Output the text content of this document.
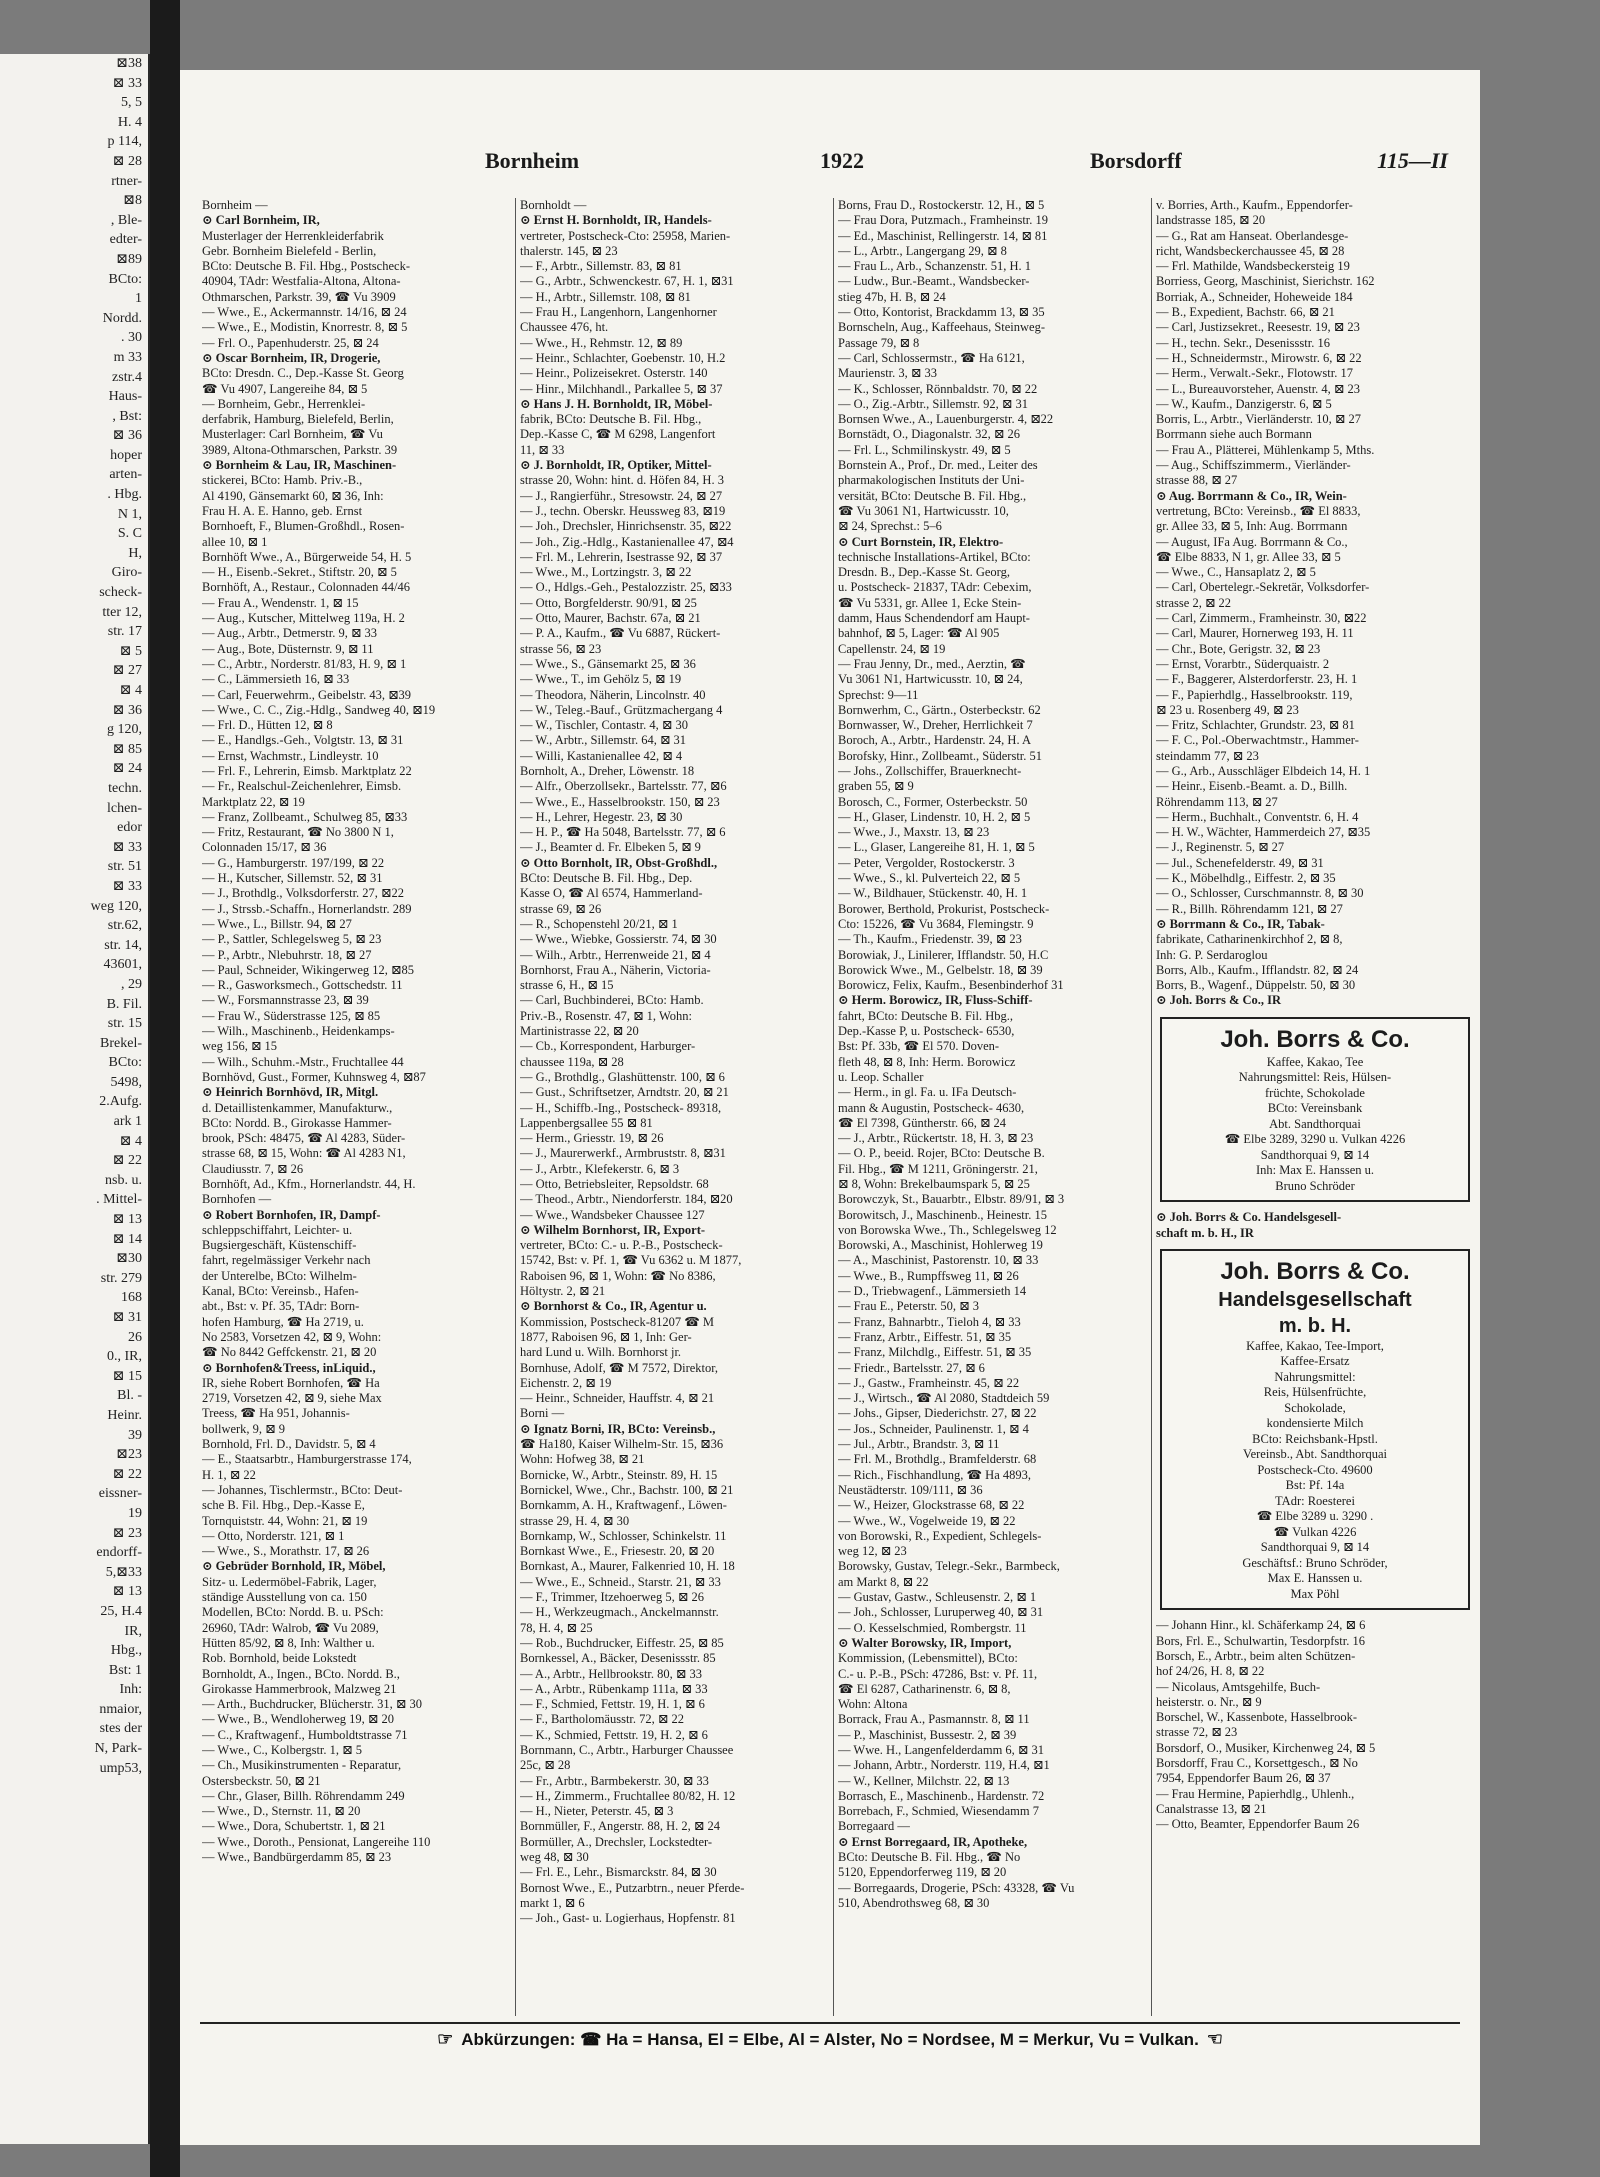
⊠38
⊠ 33
5, 5
H. 4
p 114,
⊠ 28
rtner-
⊠8
, Ble-
edter-
⊠89
BCto:
1
Nordd.
. 30
m 33
zstr.4
Haus-
, Bst:
⊠ 36
hoper
arten-
. Hbg.
N 1,
S. C
H,
Giro-
scheck-
tter 12,
str. 17
⊠ 5
⊠ 27
⊠ 4
⊠ 36
g 120,
⊠ 85
⊠ 24
techn.
lchen-
edor
⊠ 33
str. 51
⊠ 33
weg 120,
str.62,
str. 14,
43601,
, 29
B. Fil.
str. 15
Brekel-
BCto:
5498,
2.Aufg.
ark 1
⊠ 4
⊠ 22
nsb. u.
. Mittel-
⊠ 13
⊠ 14
⊠30
str. 279
168
⊠ 31
26
0., IR,
⊠ 15
Bl. -
Heinr.
39
⊠23
⊠ 22
eissner-
19
⊠ 23
endorff-
5,⊠33
⊠ 13
25, H.4
IR,
Hbg.,
Bst: 1
Inh:
nmaior,
stes der
N, Park-
ump53,
Bornheim	1922	Borsdorff	115—II
Bornheim —
⊙ Carl Bornheim, IR,
Musterlager der Herrenkleiderfabrik
Gebr. Bornheim Bielefeld - Berlin,
BCto: Deutsche B. Fil. Hbg., Postscheck-
40904, TAdr: Westfalia-Altona, Altona-
Othmarschen, Parkstr. 39, ☎ Vu 3909
— Wwe., E., Ackermannstr. 14/16, ⊠ 24
— Wwe., E., Modistin, Knorrestr. 8, ⊠ 5
— Frl. O., Papenhuderstr. 25, ⊠ 24
⊙ Oscar Bornheim, IR, Drogerie,
BCto: Dresdn. C., Dep.-Kasse St. Georg
☎ Vu 4907, Langereihe 84, ⊠ 5
— Bornheim, Gebr., Herrenklei-
derfabrik, Hamburg, Bielefeld, Berlin,
Musterlager: Carl Bornheim, ☎ Vu
3989, Altona-Othmarschen, Parkstr. 39
⊙ Bornheim & Lau, IR, Maschinen-
stickerei, BCto: Hamb. Priv.-B.,
Al 4190, Gänsemarkt 60, ⊠ 36, Inh:
Frau H. A. E. Hanno, geb. Ernst
Bornhoeft, F., Blumen-Großhdl., Rosen-
allee 10, ⊠ 1
Bornhöft Wwe., A., Bürgerweide 54, H. 5
— H., Eisenb.-Sekret., Stiftstr. 20, ⊠ 5
Bornhöft, A., Restaur., Colonnaden 44/46
— Frau A., Wendenstr. 1, ⊠ 15
— Aug., Kutscher, Mittelweg 119a, H. 2
— Aug., Arbtr., Detmerstr. 9, ⊠ 33
— Aug., Bote, Düsternstr. 9, ⊠ 11
— C., Arbtr., Norderstr. 81/83, H. 9, ⊠ 1
— C., Lämmersieth 16, ⊠ 33
— Carl, Feuerwehrm., Geibelstr. 43, ⊠39
— Wwe., C. C., Zig.-Hdlg., Sandweg 40, ⊠19
— Frl. D., Hütten 12, ⊠ 8
— E., Handlgs.-Geh., Volgtstr. 13, ⊠ 31
— Ernst, Wachmstr., Lindleystr. 10
— Frl. F., Lehrerin, Eimsb. Marktplatz 22
— Fr., Realschul-Zeichenlehrer, Eimsb.
Marktplatz 22, ⊠ 19
— Franz, Zollbeamt., Schulweg 85, ⊠33
— Fritz, Restaurant, ☎ No 3800 N 1,
Colonnaden 15/17, ⊠ 36
— G., Hamburgerstr. 197/199, ⊠ 22
— H., Kutscher, Sillemstr. 52, ⊠ 31
— J., Brothdlg., Volksdorferstr. 27, ⊠22
— J., Strssb.-Schaffn., Hornerlandstr. 289
— Wwe., L., Billstr. 94, ⊠ 27
— P., Sattler, Schlegelsweg 5, ⊠ 23
— P., Arbtr., Nlebuhrstr. 18, ⊠ 27
— Paul, Schneider, Wikingerweg 12, ⊠85
— R., Gasworksmech., Gottschedstr. 11
— W., Forsmannstrasse 23, ⊠ 39
— Frau W., Süderstrasse 125, ⊠ 85
— Wilh., Maschinenb., Heidenkamps-
weg 156, ⊠ 15
— Wilh., Schuhm.-Mstr., Fruchtallee 44
Bornhövd, Gust., Former, Kuhnsweg 4, ⊠87
⊙ Heinrich Bornhövd, IR, Mitgl.
d. Detaillistenkammer, Manufakturw.,
BCto: Nordd. B., Girokasse Hammer-
brook, PSch: 48475, ☎ Al 4283, Süder-
strasse 68, ⊠ 15, Wohn: ☎ Al 4283 N1,
Claudiusstr. 7, ⊠ 26
Bornhöft, Ad., Kfm., Hornerlandstr. 44, H.
Bornhofen —
⊙ Robert Bornhofen, IR, Dampf-
schleppschiffahrt, Leichter- u.
Bugsiergeschäft, Küstenschiff-
fahrt, regelmässiger Verkehr nach
der Unterelbe, BCto: Wilhelm-
Kanal, BCto: Vereinsb., Hafen-
abt., Bst: v. Pf. 35, TAdr: Born-
hofen Hamburg, ☎ Ha 2719, u.
No 2583, Vorsetzen 42, ⊠ 9, Wohn:
☎ No 8442 Geffckenstr. 21, ⊠ 20
⊙ Bornhofen&Treess, inLiquid.,
IR, siehe Robert Bornhofen, ☎ Ha
2719, Vorsetzen 42, ⊠ 9, siehe Max
Treess, ☎ Ha 951, Johannis-
bollwerk, 9, ⊠ 9
Bornhold, Frl. D., Davidstr. 5, ⊠ 4
— E., Staatsarbtr., Hamburgerstrasse 174,
H. 1, ⊠ 22
— Johannes, Tischlermstr., BCto: Deut-
sche B. Fil. Hbg., Dep.-Kasse E,
Tornquiststr. 44, Wohn: 21, ⊠ 19
— Otto, Norderstr. 121, ⊠ 1
— Wwe., S., Morathstr. 17, ⊠ 26
⊙ Gebrüder Bornhold, IR, Möbel,
Sitz- u. Ledermöbel-Fabrik, Lager,
ständige Ausstellung von ca. 150
Modellen, BCto: Nordd. B. u. PSch:
26960, TAdr: Walrob, ☎ Vu 2089,
Hütten 85/92, ⊠ 8, Inh: Walther u.
Rob. Bornhold, beide Lokstedt
Bornholdt, A., Ingen., BCto. Nordd. B.,
Girokasse Hammerbrook, Malzweg 21
— Arth., Buchdrucker, Blücherstr. 31, ⊠ 30
— Wwe., B., Wendloherweg 19, ⊠ 20
— C., Kraftwagenf., Humboldtstrasse 71
— Wwe., C., Kolbergstr. 1, ⊠ 5
— Ch., Musikinstrumenten - Reparatur,
Ostersbeckstr. 50, ⊠ 21
— Chr., Glaser, Billh. Röhrendamm 249
— Wwe., D., Sternstr. 11, ⊠ 20
— Wwe., Dora, Schubertstr. 1, ⊠ 21
— Wwe., Doroth., Pensionat, Langereihe 110
— Wwe., Bandbürgerdamm 85, ⊠ 23
Bornholdt —
⊙ Ernst H. Bornholdt, IR, Handels-
vertreter, Postscheck-Cto: 25958, Marien-
thalerstr. 145, ⊠ 23
— F., Arbtr., Sillemstr. 83, ⊠ 81
— G., Arbtr., Schwenckestr. 67, H. 1, ⊠31
— H., Arbtr., Sillemstr. 108, ⊠ 81
— Frau H., Langenhorn, Langenhorner
Chaussee 476, ht.
— Wwe., H., Rehmstr. 12, ⊠ 89
— Heinr., Schlachter, Goebenstr. 10, H.2
— Heinr., Polizeisekret. Osterstr. 140
— Hinr., Milchhandl., Parkallee 5, ⊠ 37
⊙ Hans J. H. Bornholdt, IR, Möbel-
fabrik, BCto: Deutsche B. Fil. Hbg.,
Dep.-Kasse C, ☎ M 6298, Langenfort
11, ⊠ 33
⊙ J. Bornholdt, IR, Optiker, Mittel-
strasse 20, Wohn: hint. d. Höfen 84, H. 3
— J., Rangierführ., Stresowstr. 24, ⊠ 27
— J., techn. Oberskr. Heussweg 83, ⊠19
— Joh., Drechsler, Hinrichsenstr. 35, ⊠22
— Joh., Zig.-Hdlg., Kastanienallee 47, ⊠4
— Frl. M., Lehrerin, Isestrasse 92, ⊠ 37
— Wwe., M., Lortzingstr. 3, ⊠ 22
— O., Hdlgs.-Geh., Pestalozzistr. 25, ⊠33
— Otto, Borgfelderstr. 90/91, ⊠ 25
— Otto, Maurer, Bachstr. 67a, ⊠ 21
— P. A., Kaufm., ☎ Vu 6887, Rückert-
strasse 56, ⊠ 23
— Wwe., S., Gänsemarkt 25, ⊠ 36
— Wwe., T., im Gehölz 5, ⊠ 19
— Theodora, Näherin, Lincolnstr. 40
— W., Teleg.-Bauf., Grützmachergang 4
— W., Tischler, Contastr. 4, ⊠ 30
— W., Arbtr., Sillemstr. 64, ⊠ 31
— Willi, Kastanienallee 42, ⊠ 4
Bornholt, A., Dreher, Löwenstr. 18
— Alfr., Oberzollsekr., Bartelsstr. 77, ⊠6
— Wwe., E., Hasselbrookstr. 150, ⊠ 23
— H., Lehrer, Hegestr. 23, ⊠ 30
— H. P., ☎ Ha 5048, Bartelsstr. 77, ⊠ 6
— J., Beamter d. Fr. Elbeken 5, ⊠ 9
⊙ Otto Bornholt, IR, Obst-Großhdl.,
BCto: Deutsche B. Fil. Hbg., Dep.
Kasse O, ☎ Al 6574, Hammerland-
strasse 69, ⊠ 26
— R., Schopenstehl 20/21, ⊠ 1
— Wwe., Wiebke, Gossierstr. 74, ⊠ 30
— Wilh., Arbtr., Herrenweide 21, ⊠ 4
Bornhorst, Frau A., Näherin, Victoria-
strasse 6, H., ⊠ 15
— Carl, Buchbinderei, BCto: Hamb.
Priv.-B., Rosenstr. 47, ⊠ 1, Wohn:
Martinistrasse 22, ⊠ 20
— Cb., Korrespondent, Harburger-
chaussee 119a, ⊠ 28
— G., Brothdlg., Glashüttenstr. 100, ⊠ 6
— Gust., Schriftsetzer, Arndtstr. 20, ⊠ 21
— H., Schiffb.-Ing., Postscheck- 89318,
Lappenbergsallee 55 ⊠ 81
— Herm., Griesstr. 19, ⊠ 26
— J., Maurerwerkf., Armbruststr. 8, ⊠31
— J., Arbtr., Klefekerstr. 6, ⊠ 3
— Otto, Betriebsleiter, Repsoldstr. 68
— Theod., Arbtr., Niendorferstr. 184, ⊠20
— Wwe., Wandsbeker Chaussee 127
⊙ Wilhelm Bornhorst, IR, Export-
vertreter, BCto: C.- u. P.-B., Postscheck-
15742, Bst: v. Pf. 1, ☎ Vu 6362 u. M 1877,
Raboisen 96, ⊠ 1, Wohn: ☎ No 8386,
Höltystr. 2, ⊠ 21
⊙ Bornhorst & Co., IR, Agentur u.
Kommission, Postscheck-81207 ☎ M
1877, Raboisen 96, ⊠ 1, Inh: Ger-
hard Lund u. Wilh. Bornhorst jr.
Bornhuse, Adolf, ☎ M 7572, Direktor,
Eichenstr. 2, ⊠ 19
— Heinr., Schneider, Hauffstr. 4, ⊠ 21
Borni —
⊙ Ignatz Borni, IR, BCto: Vereinsb.,
☎ Ha180, Kaiser Wilhelm-Str. 15, ⊠36
Wohn: Hofweg 38, ⊠ 21
Bornicke, W., Arbtr., Steinstr. 89, H. 15
Bornickel, Wwe., Chr., Bachstr. 100, ⊠ 21
Bornkamm, A. H., Kraftwagenf., Löwen-
strasse 29, H. 4, ⊠ 30
Bornkamp, W., Schlosser, Schinkelstr. 11
Bornkast Wwe., E., Friesestr. 20, ⊠ 20
Bornkast, A., Maurer, Falkenried 10, H. 18
— Wwe., E., Schneid., Starstr. 21, ⊠ 33
— F., Trimmer, Itzehoerweg 5, ⊠ 26
— H., Werkzeugmach., Anckelmannstr.
78, H. 4, ⊠ 25
— Rob., Buchdrucker, Eiffestr. 25, ⊠ 85
Bornkessel, A., Bäcker, Desenissstr. 85
— A., Arbtr., Hellbrookstr. 80, ⊠ 33
— A., Arbtr., Rübenkamp 111a, ⊠ 33
— F., Schmied, Fettstr. 19, H. 1, ⊠ 6
— F., Bartholomäusstr. 72, ⊠ 22
— K., Schmied, Fettstr. 19, H. 2, ⊠ 6
Bornmann, C., Arbtr., Harburger Chaussee
25c, ⊠ 28
— Fr., Arbtr., Barmbekerstr. 30, ⊠ 33
— H., Zimmerm., Fruchtallee 80/82, H. 12
— H., Nieter, Peterstr. 45, ⊠ 3
Bornmüller, F., Angerstr. 88, H. 2, ⊠ 24
Bormüller, A., Drechsler, Lockstedter-
weg 48, ⊠ 30
— Frl. E., Lehr., Bismarckstr. 84, ⊠ 30
Bornost Wwe., E., Putzarbtrn., neuer Pferde-
markt 1, ⊠ 6
— Joh., Gast- u. Logierhaus, Hopfenstr. 81
Borns, Frau D., Rostockerstr. 12, H., ⊠ 5
— Frau Dora, Putzmach., Framheinstr. 19
— Ed., Maschinist, Rellingerstr. 14, ⊠ 81
— L., Arbtr., Langergang 29, ⊠ 8
— Frau L., Arb., Schanzenstr. 51, H. 1
— Ludw., Bur.-Beamt., Wandsbecker-
stieg 47b, H. B, ⊠ 24
— Otto, Kontorist, Brackdamm 13, ⊠ 35
Bornscheln, Aug., Kaffeehaus, Steinweg-
Passage 79, ⊠ 8
— Carl, Schlossermstr., ☎ Ha 6121,
Maurienstr. 3, ⊠ 33
— K., Schlosser, Rönnbaldstr. 70, ⊠ 22
— O., Zig.-Arbtr., Sillemstr. 92, ⊠ 31
Bornsen Wwe., A., Lauenburgerstr. 4, ⊠22
Bornstädt, O., Diagonalstr. 32, ⊠ 26
— Frl. L., Schmilinskystr. 49, ⊠ 5
Bornstein A., Prof., Dr. med., Leiter des
pharmakologischen Instituts der Uni-
versität, BCto: Deutsche B. Fil. Hbg.,
☎ Vu 3061 N1, Hartwicusstr. 10,
⊠ 24, Sprechst.: 5–6
⊙ Curt Bornstein, IR, Elektro-
technische Installations-Artikel, BCto:
Dresdn. B., Dep.-Kasse St. Georg,
u. Postscheck- 21837, TAdr: Cebexim,
☎ Vu 5331, gr. Allee 1, Ecke Stein-
damm, Haus Schendendorf am Haupt-
bahnhof, ⊠ 5, Lager: ☎ Al 905
Capellenstr. 24, ⊠ 19
— Frau Jenny, Dr., med., Aerztin, ☎
Vu 3061 N1, Hartwicusstr. 10, ⊠ 24,
Sprechst: 9—11
Bornwerhm, C., Gärtn., Osterbeckstr. 62
Bornwasser, W., Dreher, Herrlichkeit 7
Boroch, A., Arbtr., Hardenstr. 24, H. A
Borofsky, Hinr., Zollbeamt., Süderstr. 51
— Johs., Zollschiffer, Brauerknecht-
graben 55, ⊠ 9
Borosch, C., Former, Osterbeckstr. 50
— H., Glaser, Lindenstr. 10, H. 2, ⊠ 5
— Wwe., J., Maxstr. 13, ⊠ 23
— L., Glaser, Langereihe 81, H. 1, ⊠ 5
— Peter, Vergolder, Rostockerstr. 3
— Wwe., S., kl. Pulverteich 22, ⊠ 5
— W., Bildhauer, Stückenstr. 40, H. 1
Borower, Berthold, Prokurist, Postscheck-
Cto: 15226, ☎ Vu 3684, Flemingstr. 9
— Th., Kaufm., Friedenstr. 39, ⊠ 23
Borowiak, J., Linilerer, Ifflandstr. 50, H.C
Borowick Wwe., M., Gelbelstr. 18, ⊠ 39
Borowicz, Felix, Kaufm., Besenbinderhof 31
⊙ Herm. Borowicz, IR, Fluss-Schiff-
fahrt, BCto: Deutsche B. Fil. Hbg.,
Dep.-Kasse P, u. Postscheck- 6530,
Bst: Pf. 33b, ☎ El 570. Doven-
fleth 48, ⊠ 8, Inh: Herm. Borowicz
u. Leop. Schaller
— Herm., in gl. Fa. u. IFa Deutsch-
mann & Augustin, Postscheck- 4630,
☎ El 7398, Güntherstr. 66, ⊠ 24
— J., Arbtr., Rückertstr. 18, H. 3, ⊠ 23
— O. P., beeid. Rojer, BCto: Deutsche B.
Fil. Hbg., ☎ M 1211, Gröningerstr. 21,
⊠ 8, Wohn: Brekelbaumspark 5, ⊠ 25
Borowczyk, St., Bauarbtr., Elbstr. 89/91, ⊠ 3
Borowitsch, J., Maschinenb., Heinestr. 15
von Borowska Wwe., Th., Schlegelsweg 12
Borowski, A., Maschinist, Hohlerweg 19
— A., Maschinist, Pastorenstr. 10, ⊠ 33
— Wwe., B., Rumpffsweg 11, ⊠ 26
— D., Triebwagenf., Lämmersieth 14
— Frau E., Peterstr. 50, ⊠ 3
— Franz, Bahnarbtr., Tieloh 4, ⊠ 33
— Franz, Arbtr., Eiffestr. 51, ⊠ 35
— Franz, Milchdlg., Eiffestr. 51, ⊠ 35
— Friedr., Bartelsstr. 27, ⊠ 6
— J., Gastw., Framheinstr. 45, ⊠ 22
— J., Wirtsch., ☎ Al 2080, Stadtdeich 59
— Johs., Gipser, Diederichstr. 27, ⊠ 22
— Jos., Schneider, Paulinenstr. 1, ⊠ 4
— Jul., Arbtr., Brandstr. 3, ⊠ 11
— Frl. M., Brothdlg., Bramfelderstr. 68
— Rich., Fischhandlung, ☎ Ha 4893,
Neustädterstr. 109/111, ⊠ 36
— W., Heizer, Glockstrasse 68, ⊠ 22
— Wwe., W., Vogelweide 19, ⊠ 22
von Borowski, R., Expedient, Schlegels-
weg 12, ⊠ 23
Borowsky, Gustav, Telegr.-Sekr., Barmbeck,
am Markt 8, ⊠ 22
— Gustav, Gastw., Schleusenstr. 2, ⊠ 1
— Joh., Schlosser, Luruperweg 40, ⊠ 31
— O. Kesselschmied, Rombergstr. 11
⊙ Walter Borowsky, IR, Import,
Kommission, (Lebensmittel), BCto:
C.- u. P.-B., PSch: 47286, Bst: v. Pf. 11,
☎ El 6287, Catharinenstr. 6, ⊠ 8,
Wohn: Altona
Borrack, Frau A., Pasmannstr. 8, ⊠ 11
— P., Maschinist, Bussestr. 2, ⊠ 39
— Wwe. H., Langenfelderdamm 6, ⊠ 31
— Johann, Arbtr., Norderstr. 119, H.4, ⊠1
— W., Kellner, Milchstr. 22, ⊠ 13
Borrasch, E., Maschinenb., Hardenstr. 72
Borrebach, F., Schmied, Wiesendamm 7
Borregaard —
⊙ Ernst Borregaard, IR, Apotheke,
BCto: Deutsche B. Fil. Hbg., ☎ No
5120, Eppendorferweg 119, ⊠ 20
— Borregaards, Drogerie, PSch: 43328, ☎ Vu
510, Abendrothsweg 68, ⊠ 30
v. Borries, Arth., Kaufm., Eppendorfer-
landstrasse 185, ⊠ 20
— G., Rat am Hanseat. Oberlandesge-
richt, Wandsbeckerchaussee 45, ⊠ 28
— Frl. Mathilde, Wandsbeckersteig 19
Borriess, Georg, Maschinist, Sierichstr. 162
Borriak, A., Schneider, Hoheweide 184
— B., Expedient, Bachstr. 66, ⊠ 21
— Carl, Justizsekret., Reesestr. 19, ⊠ 23
— H., techn. Sekr., Desenissstr. 16
— H., Schneidermstr., Mirowstr. 6, ⊠ 22
— Herm., Verwalt.-Sekr., Flotowstr. 17
— L., Bureauvorsteher, Auenstr. 4, ⊠ 23
— W., Kaufm., Danzigerstr. 6, ⊠ 5
Borris, L., Arbtr., Vierländerstr. 10, ⊠ 27
Borrmann siehe auch Bormann
— Frau A., Plätterei, Mühlenkamp 5, Mths.
— Aug., Schiffszimmerm., Vierländer-
strasse 88, ⊠ 27
⊙ Aug. Borrmann & Co., IR, Wein-
vertretung, BCto: Vereinsb., ☎ El 8833,
gr. Allee 33, ⊠ 5, Inh: Aug. Borrmann
— August, IFa Aug. Borrmann & Co.,
☎ Elbe 8833, N 1, gr. Allee 33, ⊠ 5
— Wwe., C., Hansaplatz 2, ⊠ 5
— Carl, Obertelegr.-Sekretär, Volksdorfer-
strasse 2, ⊠ 22
— Carl, Zimmerm., Framheinstr. 30, ⊠22
— Carl, Maurer, Hornerweg 193, H. 11
— Chr., Bote, Gerigstr. 32, ⊠ 23
— Ernst, Vorarbtr., Süderquaistr. 2
— F., Baggerer, Alsterdorferstr. 23, H. 1
— F., Papierhdlg., Hasselbrookstr. 119,
⊠ 23 u. Rosenberg 49, ⊠ 23
— Fritz, Schlachter, Grundstr. 23, ⊠ 81
— F. C., Pol.-Oberwachtmstr., Hammer-
steindamm 77, ⊠ 23
— G., Arb., Ausschläger Elbdeich 14, H. 1
— Heinr., Eisenb.-Beamt. a. D., Billh.
Röhrendamm 113, ⊠ 27
— Herm., Buchhalt., Conventstr. 6, H. 4
— H. W., Wächter, Hammerdeich 27, ⊠35
— J., Reginenstr. 5, ⊠ 27
— Jul., Schenefelderstr. 49, ⊠ 31
— K., Möbelhdlg., Eiffestr. 2, ⊠ 35
— O., Schlosser, Curschmannstr. 8, ⊠ 30
— R., Billh. Röhrendamm 121, ⊠ 27
⊙ Borrmann & Co., IR, Tabak-
fabrikate, Catharinenkirchhof 2, ⊠ 8,
Inh: G. P. Serdaroglou
Borrs, Alb., Kaufm., Ifflandstr. 82, ⊠ 24
Borrs, B., Wagenf., Düppelstr. 50, ⊠ 30
⊙ Joh. Borrs & Co., IR
Joh. Borrs & Co.
Kaffee, Kakao, Tee
Nahrungsmittel: Reis, Hülsen-
früchte, Schokolade
BCto: Vereinsbank
Abt. Sandthorquai
☎ Elbe 3289, 3290 u. Vulkan 4226
Sandthorquai 9, ⊠ 14
Inh: Max E. Hanssen u.
Bruno Schröder
⊙ Joh. Borrs & Co. Handelsgesell-
schaft m. b. H., IR
Joh. Borrs & Co.
Handelsgesellschaft
m. b. H.
Kaffee, Kakao, Tee-Import,
Kaffee-Ersatz
Nahrungsmittel:
Reis, Hülsenfrüchte,
Schokolade,
kondensierte Milch
BCto: Reichsbank-Hpstl.
Vereinsb., Abt. Sandthorquai
Postscheck-Cto. 49600
Bst: Pf. 14a
TAdr: Roesterei
☎ Elbe 3289 u. 3290 .
☎ Vulkan 4226
Sandthorquai 9, ⊠ 14
Geschäftsf.: Bruno Schröder,
Max E. Hanssen u.
Max Pöhl
— Johann Hinr., kl. Schäferkamp 24, ⊠ 6
Bors, Frl. E., Schulwartin, Tesdorpfstr. 16
Borsch, E., Arbtr., beim alten Schützen-
hof 24/26, H. 8, ⊠ 22
— Nicolaus, Amtsgehilfe, Buch-
heisterstr. o. Nr., ⊠ 9
Borschel, W., Kassenbote, Hasselbrook-
strasse 72, ⊠ 23
Borsdorf, O., Musiker, Kirchenweg 24, ⊠ 5
Borsdorff, Frau C., Korsettgesch., ⊠ No
7954, Eppendorfer Baum 26, ⊠ 37
— Frau Hermine, Papierhdlg., Uhlenh.,
Canalstrasse 13, ⊠ 21
— Otto, Beamter, Eppendorfer Baum 26
☞ Abkürzungen: ☎ Ha = Hansa, El = Elbe, Al = Alster, No = Nordsee, M = Merkur, Vu = Vulkan. ☜
